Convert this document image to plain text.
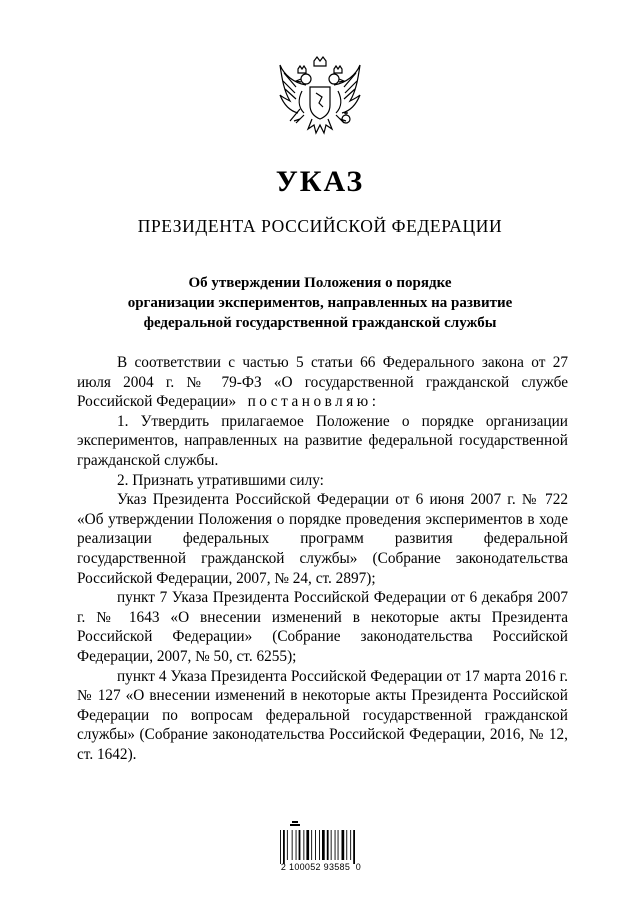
УКАЗ
ПРЕЗИДЕНТА РОССИЙСКОЙ ФЕДЕРАЦИИ
Об утверждении Положения о порядке
организации экспериментов, направленных на развитие
федеральной государственной гражданской службы

В соответствии с частью 5 статьи 66 Федерального закона от 27 июля 2004 г. № 79-ФЗ «О государственной гражданской службе Российской Федерации» постановляю:

1. Утвердить прилагаемое Положение о порядке организации экспериментов, направленных на развитие федеральной государственной гражданской службы.

2. Признать утратившими силу:

Указ Президента Российской Федерации от 6 июня 2007 г. № 722 «Об утверждении Положения о порядке проведения экспериментов в ходе реализации федеральных программ развития федеральной государственной гражданской службы» (Собрание законодательства Российской Федерации, 2007, № 24, ст. 2897);

пункт 7 Указа Президента Российской Федерации от 6 декабря 2007 г. № 1643 «О внесении изменений в некоторые акты Президента Российской Федерации» (Собрание законодательства Российской Федерации, 2007, № 50, ст. 6255);

пункт 4 Указа Президента Российской Федерации от 17 марта 2016 г. № 127 «О внесении изменений в некоторые акты Президента Российской Федерации по вопросам федеральной государственной гражданской службы» (Собрание законодательства Российской Федерации, 2016, № 12, ст. 1642).

2 100052 93585  0
